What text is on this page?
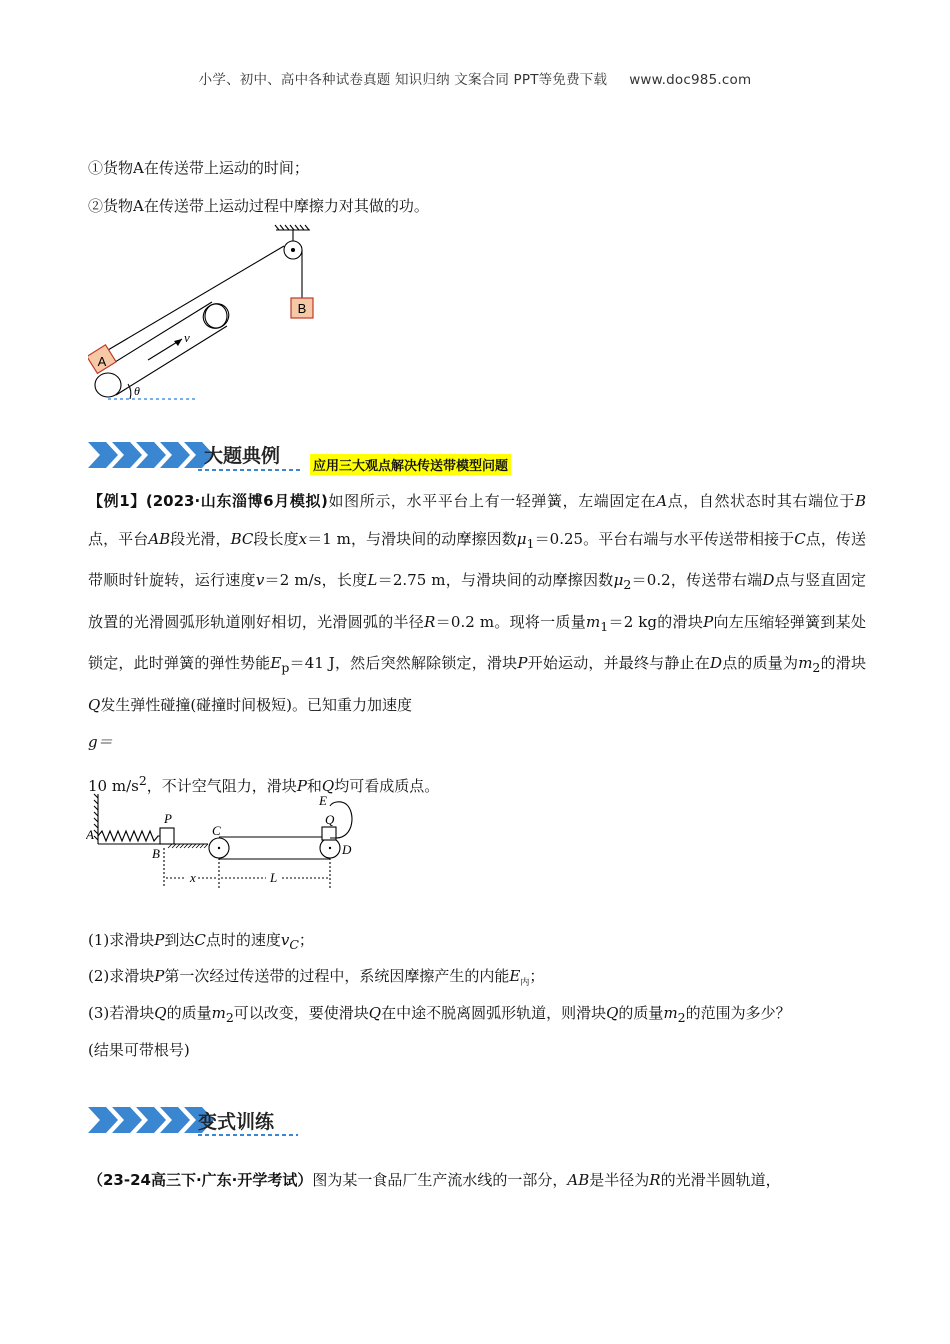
小学、初中、高中各种试卷真题 知识归纳 文案合同 PPT等免费下载 www.doc985.com
①货物A在传送带上运动的时间；
②货物A在传送带上运动过程中摩擦力对其做的功。
B
A
v
θ
大题典例	应用三大观点解决传送带模型问题
【例1】(2023·山东淄博6月模拟)如图所示，水平平台上有一轻弹簧，左端固定在A点，自然状态时其右端位于B点，平台AB段光滑，BC段长度x＝1 m，与滑块间的动摩擦因数$\mu_1=0.25$。平台右端与水平传送带相接于C点，传送带顺时针旋转，运行速度v＝2 m/s，长度L＝2.75 m，与滑块间的动摩擦因数$\mu_2=0.2$，传送带右端D点与竖直固定放置的光滑圆弧形轨道刚好相切，光滑圆弧的半径R＝0.2 m。现将一质量$m_1=2$ kg的滑块P向左压缩轻弹簧到某处锁定，此时弹簧的弹性势能$E_p=41$ J，然后突然解除锁定，滑块P开始运动，并最终与静止在D点的质量为$m_2$的滑块Q发生弹性碰撞(碰撞时间极短)。已知重力加速度
g＝
10 $m/s^2$，不计空气阻力，滑块P和Q均可看成质点。
E
Q
P
A
B
C
D
x	L
(1)求滑块P到达C点时的速度$v_C$；
(2)求滑块P第一次经过传送带的过程中，系统因摩擦产生的内能$E_内$；
(3)若滑块Q的质量$m_2$可以改变，要使滑块Q在中途不脱离圆弧形轨道，则滑块Q的质量$m_2$的范围为多少？
(结果可带根号)
变式训练
（23-24高三下·广东·开学考试）图为某一食品厂生产流水线的一部分，AB是半径为R的光滑半圆轨道，
